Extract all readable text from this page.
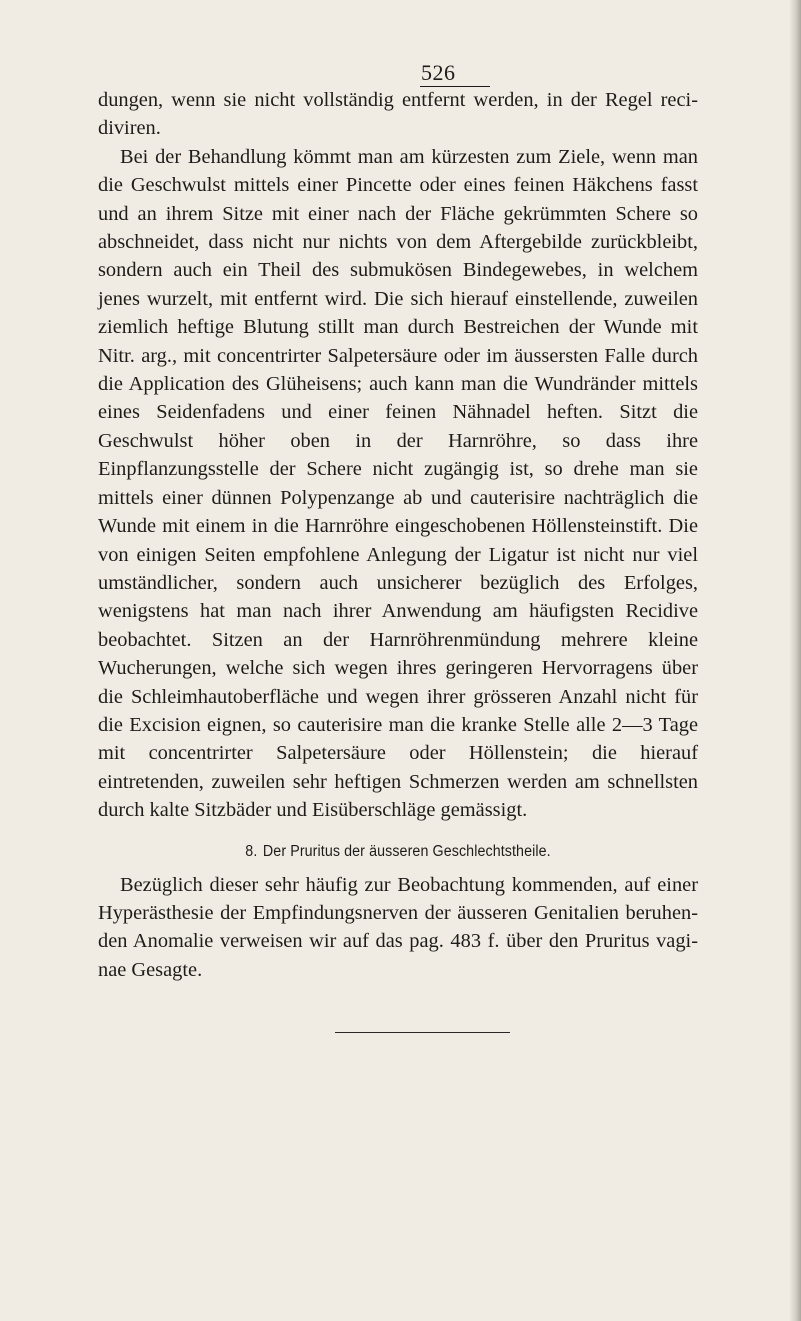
526

dungen, wenn sie nicht vollständig entfernt werden, in der Regel recidiviren.

Bei der Behandlung kömmt man am kürzesten zum Ziele, wenn man die Geschwulst mittels einer Pincette oder eines feinen Häkchens fasst und an ihrem Sitze mit einer nach der Fläche gekrümmten Schere so abschneidet, dass nicht nur nichts von dem Aftergebilde zurückbleibt, sondern auch ein Theil des submukösen Bindegewebes, in welchem jenes wurzelt, mit entfernt wird. Die sich hierauf einstellende, zuweilen ziemlich heftige Blutung stillt man durch Bestreichen der Wunde mit Nitr. arg., mit concentrirter Salpetersäure oder im äussersten Falle durch die Application des Glüheisens; auch kann man die Wundränder mittels eines Seidenfadens und einer feinen Nähnadel heften. Sitzt die Geschwulst höher oben in der Harnröhre, so dass ihre Einpflanzungsstelle der Schere nicht zugängig ist, so drehe man sie mittels einer dünnen Polypenzange ab und cauterisire nachträglich die Wunde mit einem in die Harnröhre eingeschobenen Höllensteinstift. Die von einigen Seiten empfohlene Anlegung der Ligatur ist nicht nur viel umständlicher, sondern auch unsicherer bezüglich des Erfolges, wenigstens hat man nach ihrer Anwendung am häufigsten Recidive beobachtet. Sitzen an der Harnröhrenmündung mehrere kleine Wucherungen, welche sich wegen ihres geringeren Hervorragens über die Schleimhautoberfläche und wegen ihrer grösseren Anzahl nicht für die Excision eignen, so cauterisire man die kranke Stelle alle 2—3 Tage mit concentrirter Salpetersäure oder Höllenstein; die hierauf eintretenden, zuweilen sehr heftigen Schmerzen werden am schnellsten durch kalte Sitzbäder und Eisüberschläge gemässigt.

8. Der Pruritus der äusseren Geschlechtstheile.

Bezüglich dieser sehr häufig zur Beobachtung kommenden, auf einer Hyperästhesie der Empfindungsnerven der äusseren Genitalien beruhenden Anomalie verweisen wir auf das pag. 483 f. über den Pruritus vaginae Gesagte.
